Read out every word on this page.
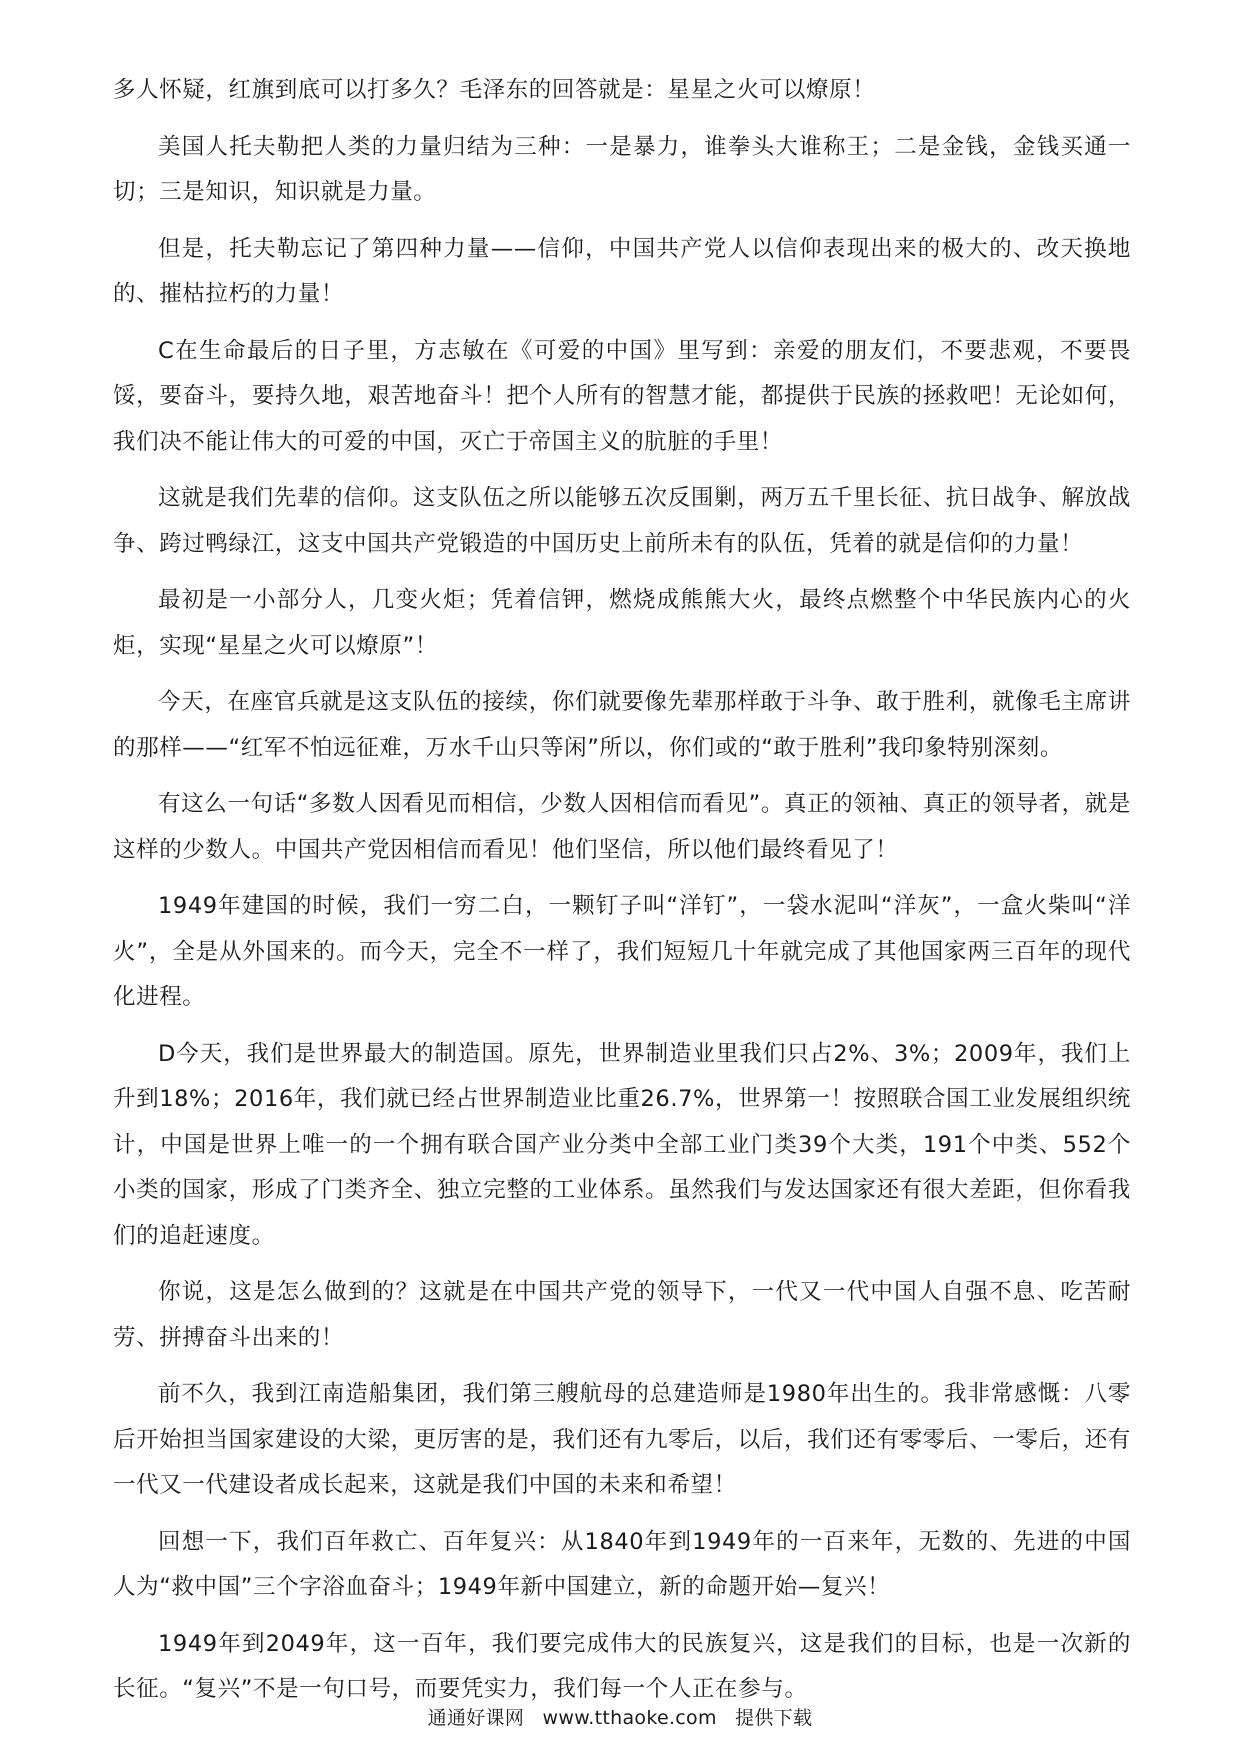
多人怀疑，红旗到底可以打多久？毛泽东的回答就是：星星之火可以燎原！

美国人托夫勒把人类的力量归结为三种：一是暴力，谁拳头大谁称王；二是金钱，金钱买通一切；三是知识，知识就是力量。

但是，托夫勒忘记了第四种力量——信仰，中国共产党人以信仰表现出来的极大的、改天换地的、摧枯拉朽的力量！

C在生命最后的日子里，方志敏在《可爱的中国》里写到：亲爱的朋友们，不要悲观，不要畏馁，要奋斗，要持久地，艰苦地奋斗！把个人所有的智慧才能，都提供于民族的拯救吧！无论如何，我们决不能让伟大的可爱的中国，灭亡于帝国主义的肮脏的手里！

这就是我们先辈的信仰。这支队伍之所以能够五次反围剿，两万五千里长征、抗日战争、解放战争、跨过鸭绿江，这支中国共产党锻造的中国历史上前所未有的队伍，凭着的就是信仰的力量！

最初是一小部分人，几变火炬；凭着信钾，燃烧成熊熊大火，最终点燃整个中华民族内心的火炬，实现“星星之火可以燎原”！

今天，在座官兵就是这支队伍的接续，你们就要像先辈那样敢于斗争、敢于胜利，就像毛主席讲的那样——“红军不怕远征难，万水千山只等闲”所以，你们或的“敢于胜利”我印象特别深刻。

有这么一句话“多数人因看见而相信，少数人因相信而看见”。真正的领袖、真正的领导者，就是这样的少数人。中国共产党因相信而看见！他们坚信，所以他们最终看见了！

1949年建国的时候，我们一穷二白，一颗钉子叫“洋钉”，一袋水泥叫“洋灰”，一盒火柴叫“洋火”，全是从外国来的。而今天，完全不一样了，我们短短几十年就完成了其他国家两三百年的现代化进程。

D今天，我们是世界最大的制造国。原先，世界制造业里我们只占2%、3%；2009年，我们上升到18%；2016年，我们就已经占世界制造业比重26.7%，世界第一！按照联合国工业发展组织统计，中国是世界上唯一的一个拥有联合国产业分类中全部工业门类39个大类，191个中类、552个小类的国家，形成了门类齐全、独立完整的工业体系。虽然我们与发达国家还有很大差距，但你看我们的追赶速度。

你说，这是怎么做到的？这就是在中国共产党的领导下，一代又一代中国人自强不息、吃苦耐劳、拼搏奋斗出来的！

前不久，我到江南造船集团，我们第三艘航母的总建造师是1980年出生的。我非常感慨：八零后开始担当国家建设的大梁，更厉害的是，我们还有九零后，以后，我们还有零零后、一零后，还有一代又一代建设者成长起来，这就是我们中国的未来和希望！

回想一下，我们百年救亡、百年复兴：从1840年到1949年的一百来年，无数的、先进的中国人为“救中国”三个字浴血奋斗；1949年新中国建立，新的命题开始—复兴！

1949年到2049年，这一百年，我们要完成伟大的民族复兴，这是我们的目标，也是一次新的长征。“复兴”不是一句口号，而要凭实力，我们每一个人正在参与。

通通好课网 www.tthaoke.com 提供下载
